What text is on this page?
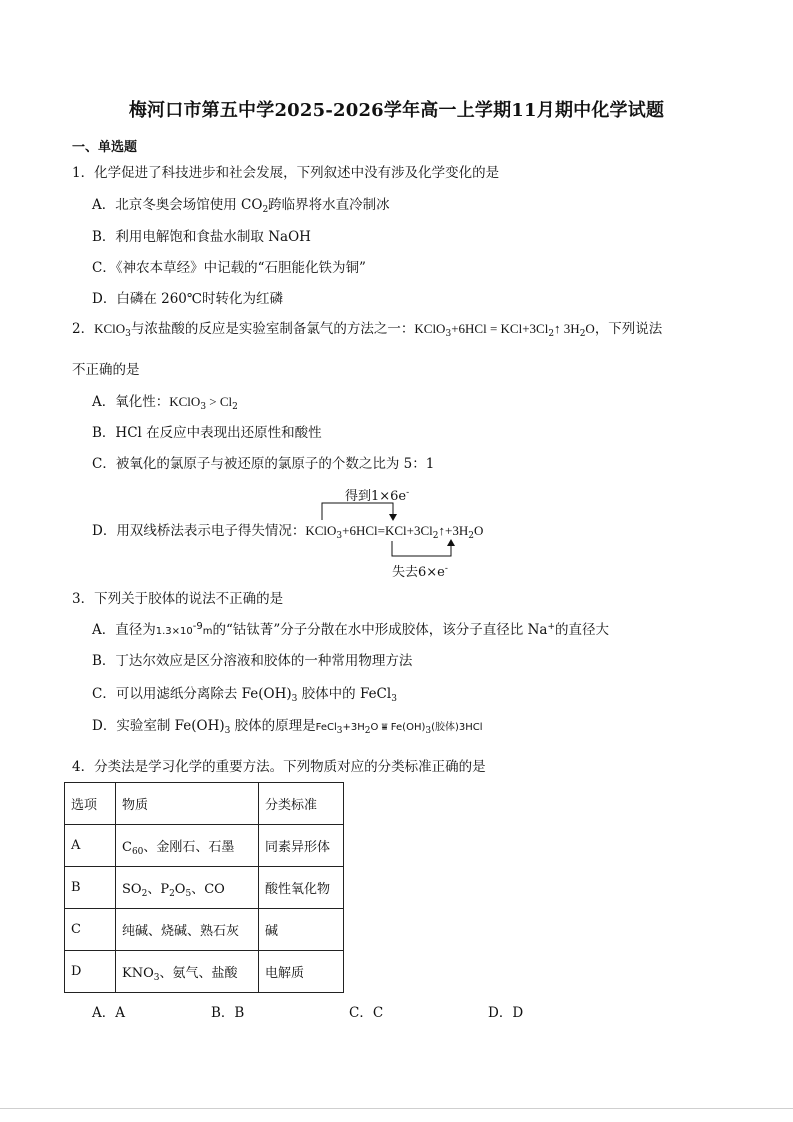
梅河口市第五中学2025-2026学年高一上学期11月期中化学试题
一、单选题
1．化学促进了科技进步和社会发展，下列叙述中没有涉及化学变化的是
A．北京冬奥会场馆使用 $CO_2$跨临界将水直冷制冰
B．利用电解饱和食盐水制取 NaOH
C．《神农本草经》中记载的“石胆能化铁为铜”
D．白磷在 260℃时转化为红磷
2．KClO$_3$与浓盐酸的反应是实验室制备氯气的方法之一：KClO$_3$+6HCl = $KCl+3Cl_2↑$ $3H_2O$，下列说法
不正确的是
A．氧化性：KClO$_3$ > $Cl_2$
B．HCl 在反应中表现出还原性和酸性
C．被氧化的氯原子与被还原的氯原子的个数之比为 5：1
得到1×6e-
D．用双线桥法表示电子得失情况：$KClO_3+6HCl=KCl+3Cl_2↑+3H_2O$
失去6×e-
3．下列关于胶体的说法不正确的是
A．直径为$1.3\times 10^{-9}m$的“钴钛菁”分子分散在水中形成胶体，该分子直径比 Na+的直径大
B．丁达尔效应是区分溶液和胶体的一种常用物理方法
C．可以用滤纸分离除去 $Fe(OH)_3$ 胶体中的 FeCl$_3$
D．实验室制 $Fe(OH)_3$ 胶体的原理是$FeCl_3+3H_2O$ ⩸ $Fe(OH)_3$(胶体)3HCl
4．分类法是学习化学的重要方法。下列物质对应的分类标准正确的是
选项	物质	分类标准
A	$C_{60}$、金刚石、石墨	同素异形体
B	$SO_2$、$P_2O_5$、CO	酸性氧化物
C	纯碱、烧碱、熟石灰	碱
D	$KNO_3$、氨气、盐酸	电解质
A．A	B．B	C．C	D．D
